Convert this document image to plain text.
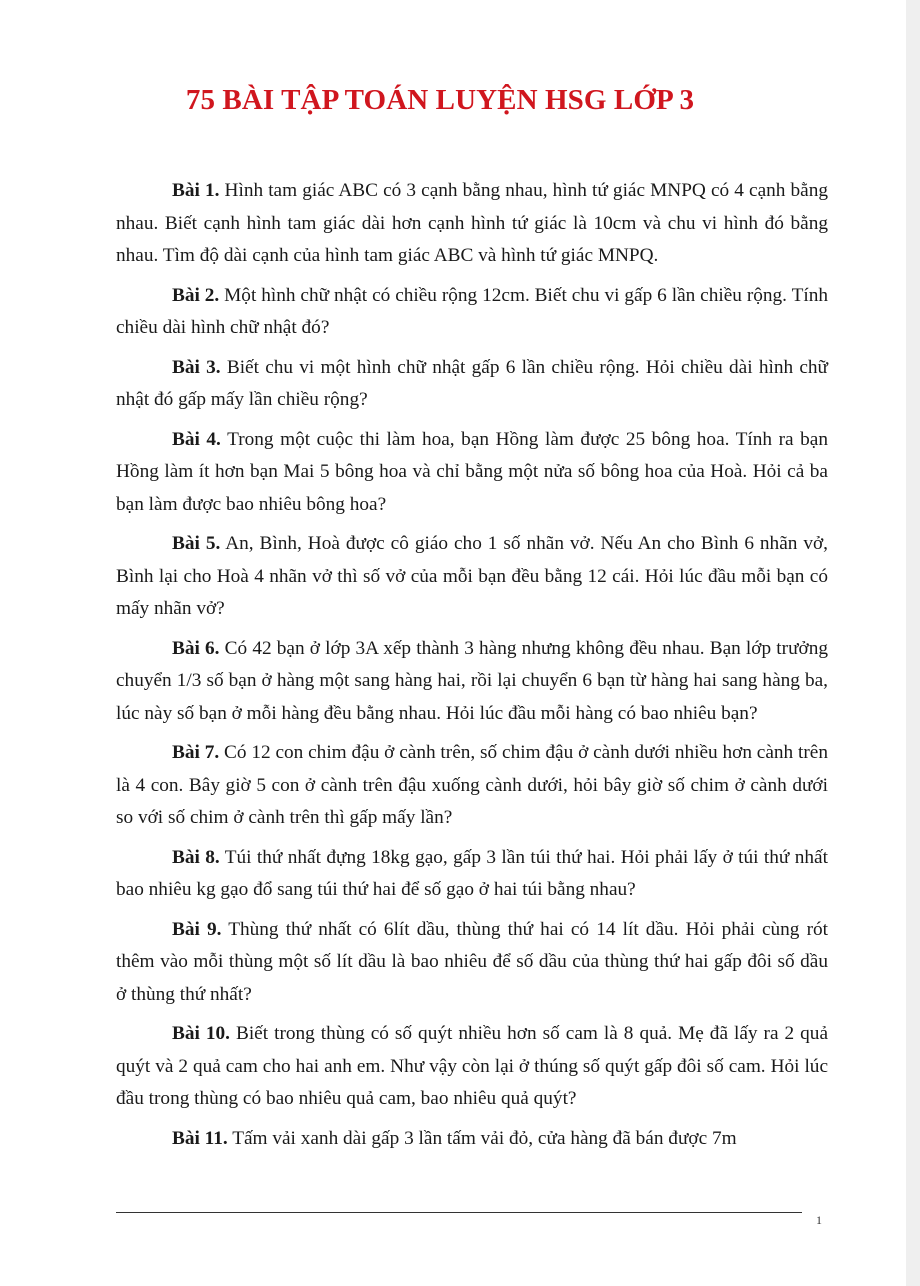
75 BÀI TẬP TOÁN LUYỆN HSG LỚP 3

Bài 1. Hình tam giác ABC có 3 cạnh bằng nhau, hình tứ giác MNPQ có 4 cạnh bằng nhau. Biết cạnh hình tam giác dài hơn cạnh hình tứ giác là 10cm và chu vi hình đó bằng nhau. Tìm độ dài cạnh của hình tam giác ABC và hình tứ giác MNPQ.

Bài 2. Một hình chữ nhật có chiều rộng 12cm. Biết chu vi gấp 6 lần chiều rộng. Tính chiều dài hình chữ nhật đó?

Bài 3. Biết chu vi một hình chữ nhật gấp 6 lần chiều rộng. Hỏi chiều dài hình chữ nhật đó gấp mấy lần chiều rộng?

Bài 4. Trong một cuộc thi làm hoa, bạn Hồng làm được 25 bông hoa. Tính ra bạn Hồng làm ít hơn bạn Mai 5 bông hoa và chỉ bằng một nửa số bông hoa của Hoà. Hỏi cả ba bạn làm được bao nhiêu bông hoa?

Bài 5. An, Bình, Hoà được cô giáo cho 1 số nhãn vở. Nếu An cho Bình 6 nhãn vở, Bình lại cho Hoà 4 nhãn vở thì số vở của mỗi bạn đều bằng 12 cái. Hỏi lúc đầu mỗi bạn có mấy nhãn vở?

Bài 6. Có 42 bạn ở lớp 3A xếp thành 3 hàng nhưng không đều nhau. Bạn lớp trưởng chuyển 1/3 số bạn ở hàng một sang hàng hai, rồi lại chuyển 6 bạn từ hàng hai sang hàng ba, lúc này số bạn ở mỗi hàng đều bằng nhau. Hỏi lúc đầu mỗi hàng có bao nhiêu bạn?

Bài 7. Có 12 con chim đậu ở cành trên, số chim đậu ở cành dưới nhiều hơn cành trên là 4 con. Bây giờ 5 con ở cành trên đậu xuống cành dưới, hỏi bây giờ số chim ở cành dưới so với số chim ở cành trên thì gấp mấy lần?

Bài 8. Túi thứ nhất đựng 18kg gạo, gấp 3 lần túi thứ hai. Hỏi phải lấy ở túi thứ nhất bao nhiêu kg gạo đổ sang túi thứ hai để số gạo ở hai túi bằng nhau?

Bài 9. Thùng thứ nhất có 6lít dầu, thùng thứ hai có 14 lít dầu. Hỏi phải cùng rót thêm vào mỗi thùng một số lít dầu là bao nhiêu để số dầu của thùng thứ hai gấp đôi số dầu ở thùng thứ nhất?

Bài 10. Biết trong thùng có số quýt nhiều hơn số cam là 8 quả. Mẹ đã lấy ra 2 quả quýt và 2 quả cam cho hai anh em. Như vậy còn lại ở thúng số quýt gấp đôi số cam. Hỏi lúc đầu trong thùng có bao nhiêu quả cam, bao nhiêu quả quýt?

Bài 11. Tấm vải xanh dài gấp 3 lần tấm vải đỏ, cửa hàng đã bán được 7m

1
